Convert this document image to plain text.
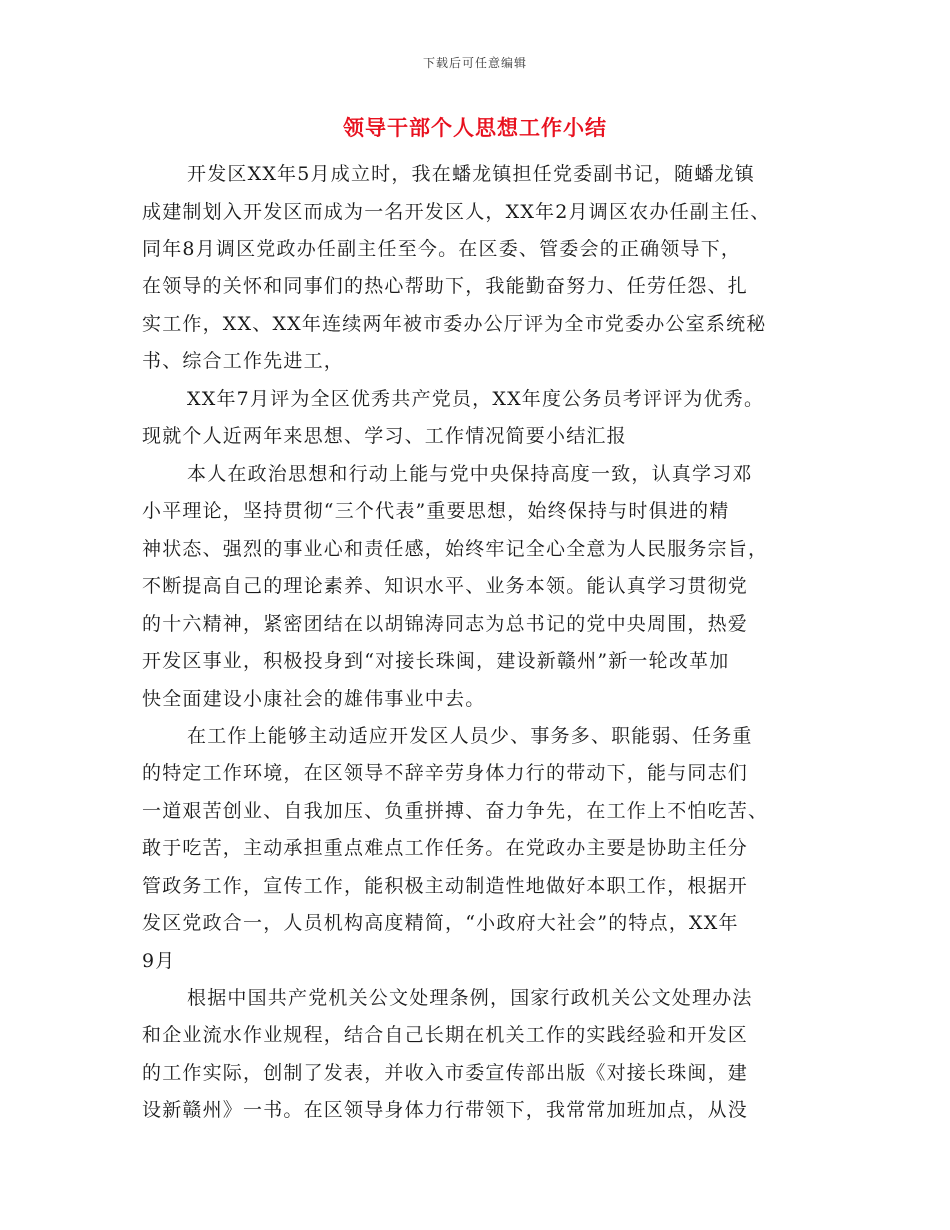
下载后可任意编辑
领导干部个人思想工作小结
开发区XX年5月成立时，我在蟠龙镇担任党委副书记，随蟠龙镇
成建制划入开发区而成为一名开发区人，XX年2月调区农办任副主任、
同年8月调区党政办任副主任至今。在区委、管委会的正确领导下，
在领导的关怀和同事们的热心帮助下，我能勤奋努力、任劳任怨、扎
实工作，XX、XX年连续两年被市委办公厅评为全市党委办公室系统秘
书、综合工作先进工，
XX年7月评为全区优秀共产党员，XX年度公务员考评评为优秀。
现就个人近两年来思想、学习、工作情况简要小结汇报
本人在政治思想和行动上能与党中央保持高度一致，认真学习邓
小平理论，坚持贯彻“三个代表”重要思想，始终保持与时俱进的精
神状态、强烈的事业心和责任感，始终牢记全心全意为人民服务宗旨，
不断提高自己的理论素养、知识水平、业务本领。能认真学习贯彻党
的十六精神，紧密团结在以胡锦涛同志为总书记的党中央周围，热爱
开发区事业，积极投身到“对接长珠闽，建设新赣州”新一轮改革加
快全面建设小康社会的雄伟事业中去。
在工作上能够主动适应开发区人员少、事务多、职能弱、任务重
的特定工作环境，在区领导不辞辛劳身体力行的带动下，能与同志们
一道艰苦创业、自我加压、负重拼搏、奋力争先，在工作上不怕吃苦、
敢于吃苦，主动承担重点难点工作任务。在党政办主要是协助主任分
管政务工作，宣传工作，能积极主动制造性地做好本职工作，根据开
发区党政合一，人员机构高度精简，“小政府大社会”的特点，XX年
9月
根据中国共产党机关公文处理条例，国家行政机关公文处理办法
和企业流水作业规程，结合自己长期在机关工作的实践经验和开发区
的工作实际，创制了发表，并收入市委宣传部出版《对接长珠闽，建
设新赣州》一书。在区领导身体力行带领下，我常常加班加点，从没
